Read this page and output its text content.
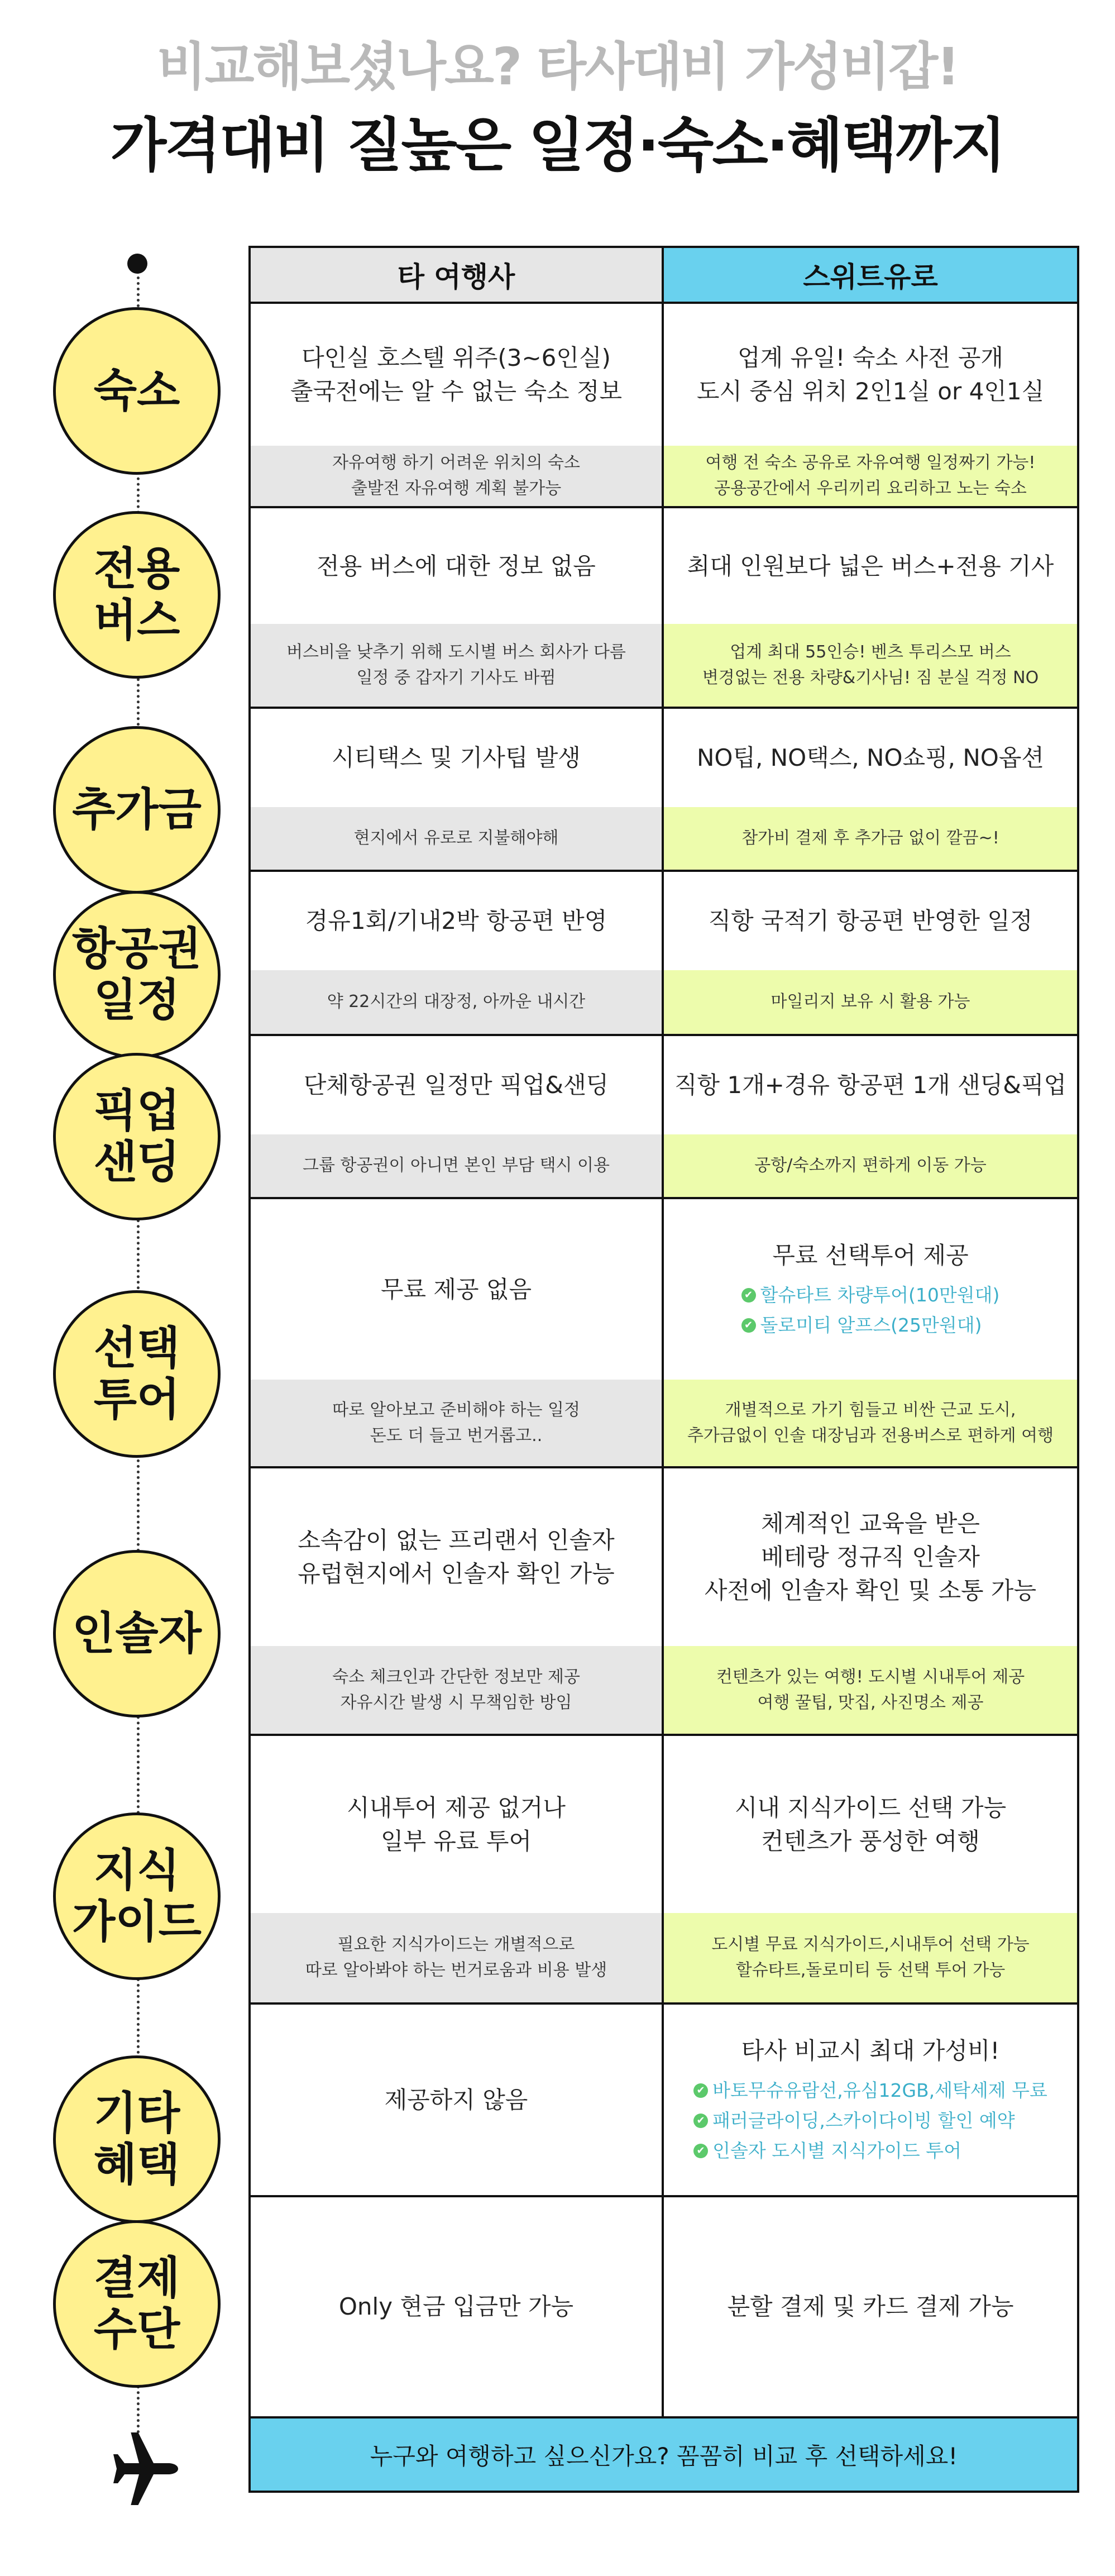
비교해보셨나요? 타사대비 가성비갑!
가격대비 질높은 일정·숙소·혜택까지
숙소
전용
버스
추가금
항공권
일정
픽업
샌딩
선택
투어
인솔자
지식
가이드
기타
혜택
결제
수단
타 여행사	스위트유로
다인실 호스텔 위주(3~6인실)
출국전에는 알 수 없는 숙소 정보
자유여행 하기 어려운 위치의 숙소
출발전 자유여행 계획 불가능
업계 유일! 숙소 사전 공개
도시 중심 위치 2인1실 or 4인1실
여행 전 숙소 공유로 자유여행 일정짜기 가능!
공용공간에서 우리끼리 요리하고 노는 숙소
전용 버스에 대한 정보 없음
버스비을 낮추기 위해 도시별 버스 회사가 다름
일정 중 갑자기 기사도 바뀜
최대 인원보다 넓은 버스+전용 기사
업계 최대 55인승! 벤츠 투리스모 버스
변경없는 전용 차량&기사님! 짐 분실 걱정 NO
시티택스 및 기사팁 발생
현지에서 유로로 지불해야해
NO팁, NO택스, NO쇼핑, NO옵션
참가비 결제 후 추가금 없이 깔끔~!
경유1회/기내2박 항공편 반영
약 22시간의 대장정, 아까운 내시간
직항 국적기 항공편 반영한 일정
마일리지 보유 시 활용 가능
단체항공권 일정만 픽업&샌딩
그룹 항공권이 아니면 본인 부담 택시 이용
직항 1개+경유 항공편 1개 샌딩&픽업
공항/숙소까지 편하게 이동 가능
무료 제공 없음
따로 알아보고 준비해야 하는 일정
돈도 더 들고 번거롭고..
무료 선택투어 제공
✔ 할슈타트 차량투어(10만원대)
✔ 돌로미티 알프스(25만원대)
개별적으로 가기 힘들고 비싼 근교 도시,
추가금없이 인솔 대장님과 전용버스로 편하게 여행
소속감이 없는 프리랜서 인솔자
유럽현지에서 인솔자 확인 가능
숙소 체크인과 간단한 정보만 제공
자유시간 발생 시 무책임한 방임
체계적인 교육을 받은
베테랑 정규직 인솔자
사전에 인솔자 확인 및 소통 가능
컨텐츠가 있는 여행! 도시별 시내투어 제공
여행 꿀팁, 맛집, 사진명소 제공
시내투어 제공 없거나
일부 유료 투어
필요한 지식가이드는 개별적으로
따로 알아봐야 하는 번거로움과 비용 발생
시내 지식가이드 선택 가능
컨텐츠가 풍성한 여행
도시별 무료 지식가이드,시내투어 선택 가능
할슈타트,돌로미티 등 선택 투어 가능
제공하지 않음
타사 비교시 최대 가성비!
✔ 바토무슈유람선,유심12GB,세탁세제 무료
✔ 패러글라이딩,스카이다이빙 할인 예약
✔ 인솔자 도시별 지식가이드 투어
Only 현금 입금만 가능	분할 결제 및 카드 결제 가능
누구와 여행하고 싶으신가요? 꼼꼼히 비교 후 선택하세요!
